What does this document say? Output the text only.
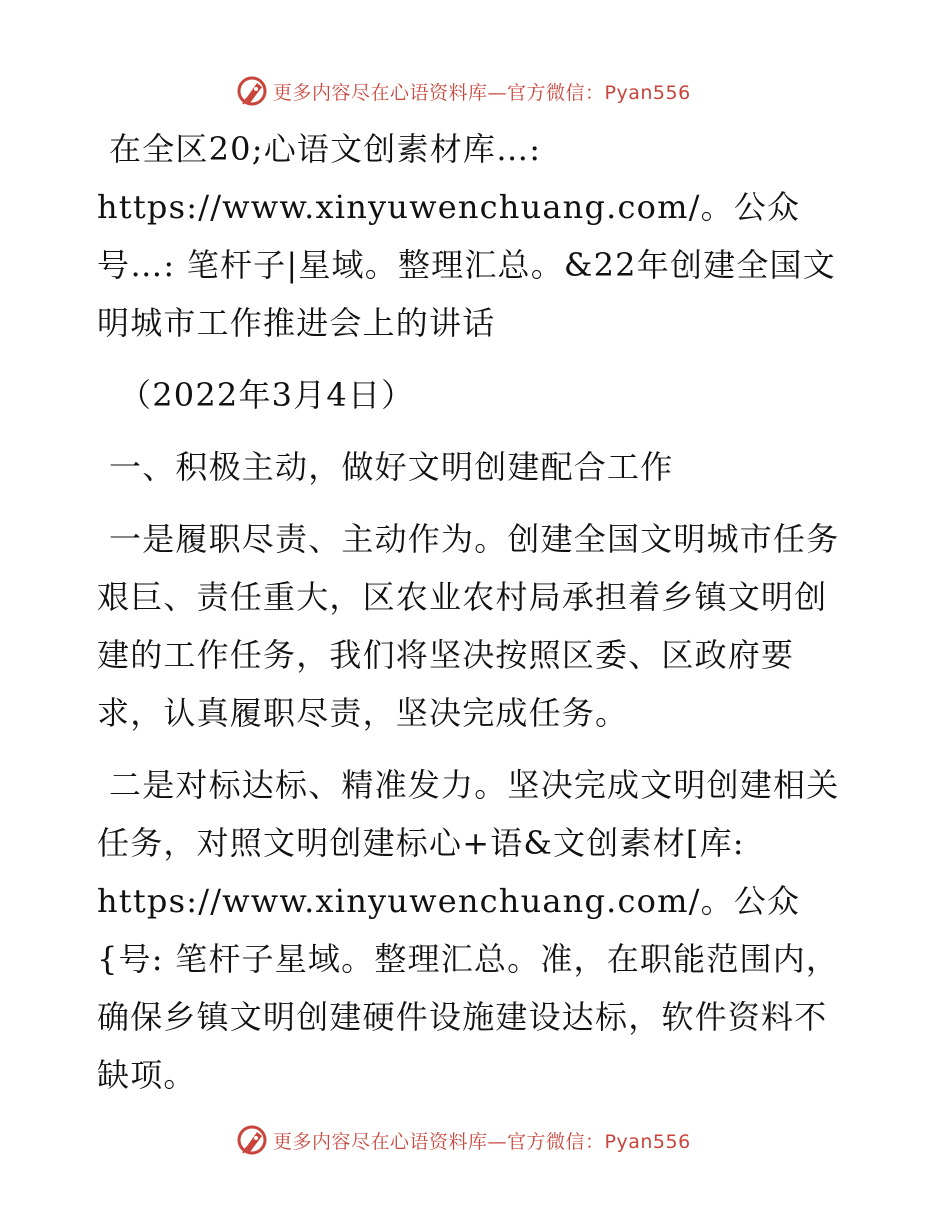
更多内容尽在心语资料库—官方微信：Pyan556

在全区20;心语文创素材库…: https://www.xinyuwenchuang.com/。公众号…: 笔杆子|星域。整理汇总。&22年创建全国文明城市工作推进会上的讲话

（2022年3月4日）

一、积极主动，做好文明创建配合工作

一是履职尽责、主动作为。创建全国文明城市任务艰巨、责任重大，区农业农村局承担着乡镇文明创建的工作任务，我们将坚决按照区委、区政府要求，认真履职尽责，坚决完成任务。

二是对标达标、精准发力。坚决完成文明创建相关任务，对照文明创建标心+语&文创素材[库: https://www.xinyuwenchuang.com/。公众{号: 笔杆子星域。整理汇总。准，在职能范围内，确保乡镇文明创建硬件设施建设达标，软件资料不缺项。

更多内容尽在心语资料库—官方微信：Pyan556
